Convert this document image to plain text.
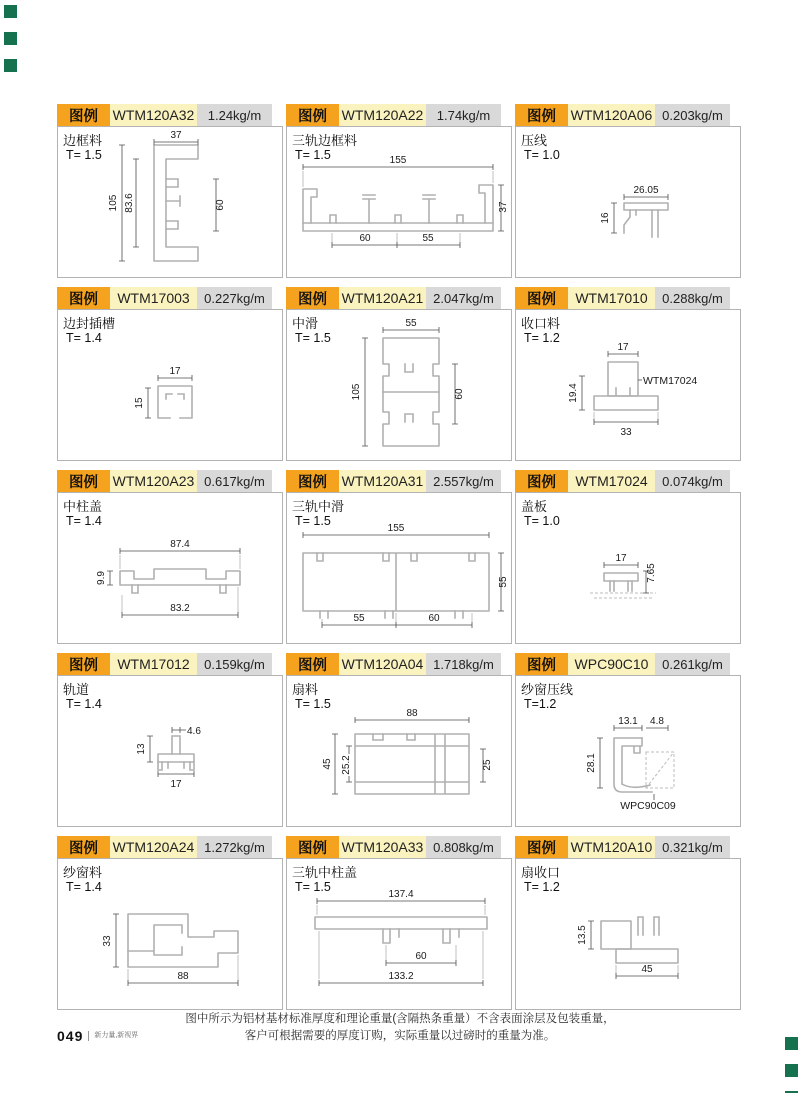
图例	WTM120A32	1.24kg/m
边框料
T= 1.5
37
105 83.6	60
图例	WTM120A22	1.74kg/m
三轨边框料
T= 1.5	155
37
60	55
图例	WTM120A06 0.203kg/m
压线
T= 1.0
26.05
16
图例	WTM17003	0.227kg/m
边封插槽
T= 1.4
17
15
图例	WTM120A21 2.047kg/m
中滑
T= 1.5
55
105	60
图例	WTM17010	0.288kg/m
收口料
T= 1.2
17
19.4
33
WTM17024
图例	WTM120A23 0.617kg/m
中柱盖
T= 1.4
87.4
9.9
83.2
图例	WTM120A31 2.557kg/m
三轨中滑
T= 1.5
155
55
55	60
图例	WTM17024	0.074kg/m
盖板
T= 1.0
17
7.65
图例	WTM17012	0.159kg/m
轨道
T= 1.4
4.6
13
17
图例	WTM120A04 1.718kg/m
扇料
T= 1.5
88
45 25.2	25
图例	WPC90C10	0.261kg/m
纱窗压线
T=1.2
13.1 4.8
28.1
WPC90C09
图例	WTM120A24 1.272kg/m
纱窗料
T= 1.4
33
88
图例	WTM120A33 0.808kg/m
三轨中柱盖
T= 1.5
137.4
60
133.2
图例	WTM120A10 0.321kg/m
扇收口
T= 1.2
13.5
45
图中所示为铝材基材标准厚度和理论重量(含隔热条重量）不含表面涂层及包装重量，
客户可根据需要的厚度订购，实际重量以过磅时的重量为准。
049	新力量,新视界
